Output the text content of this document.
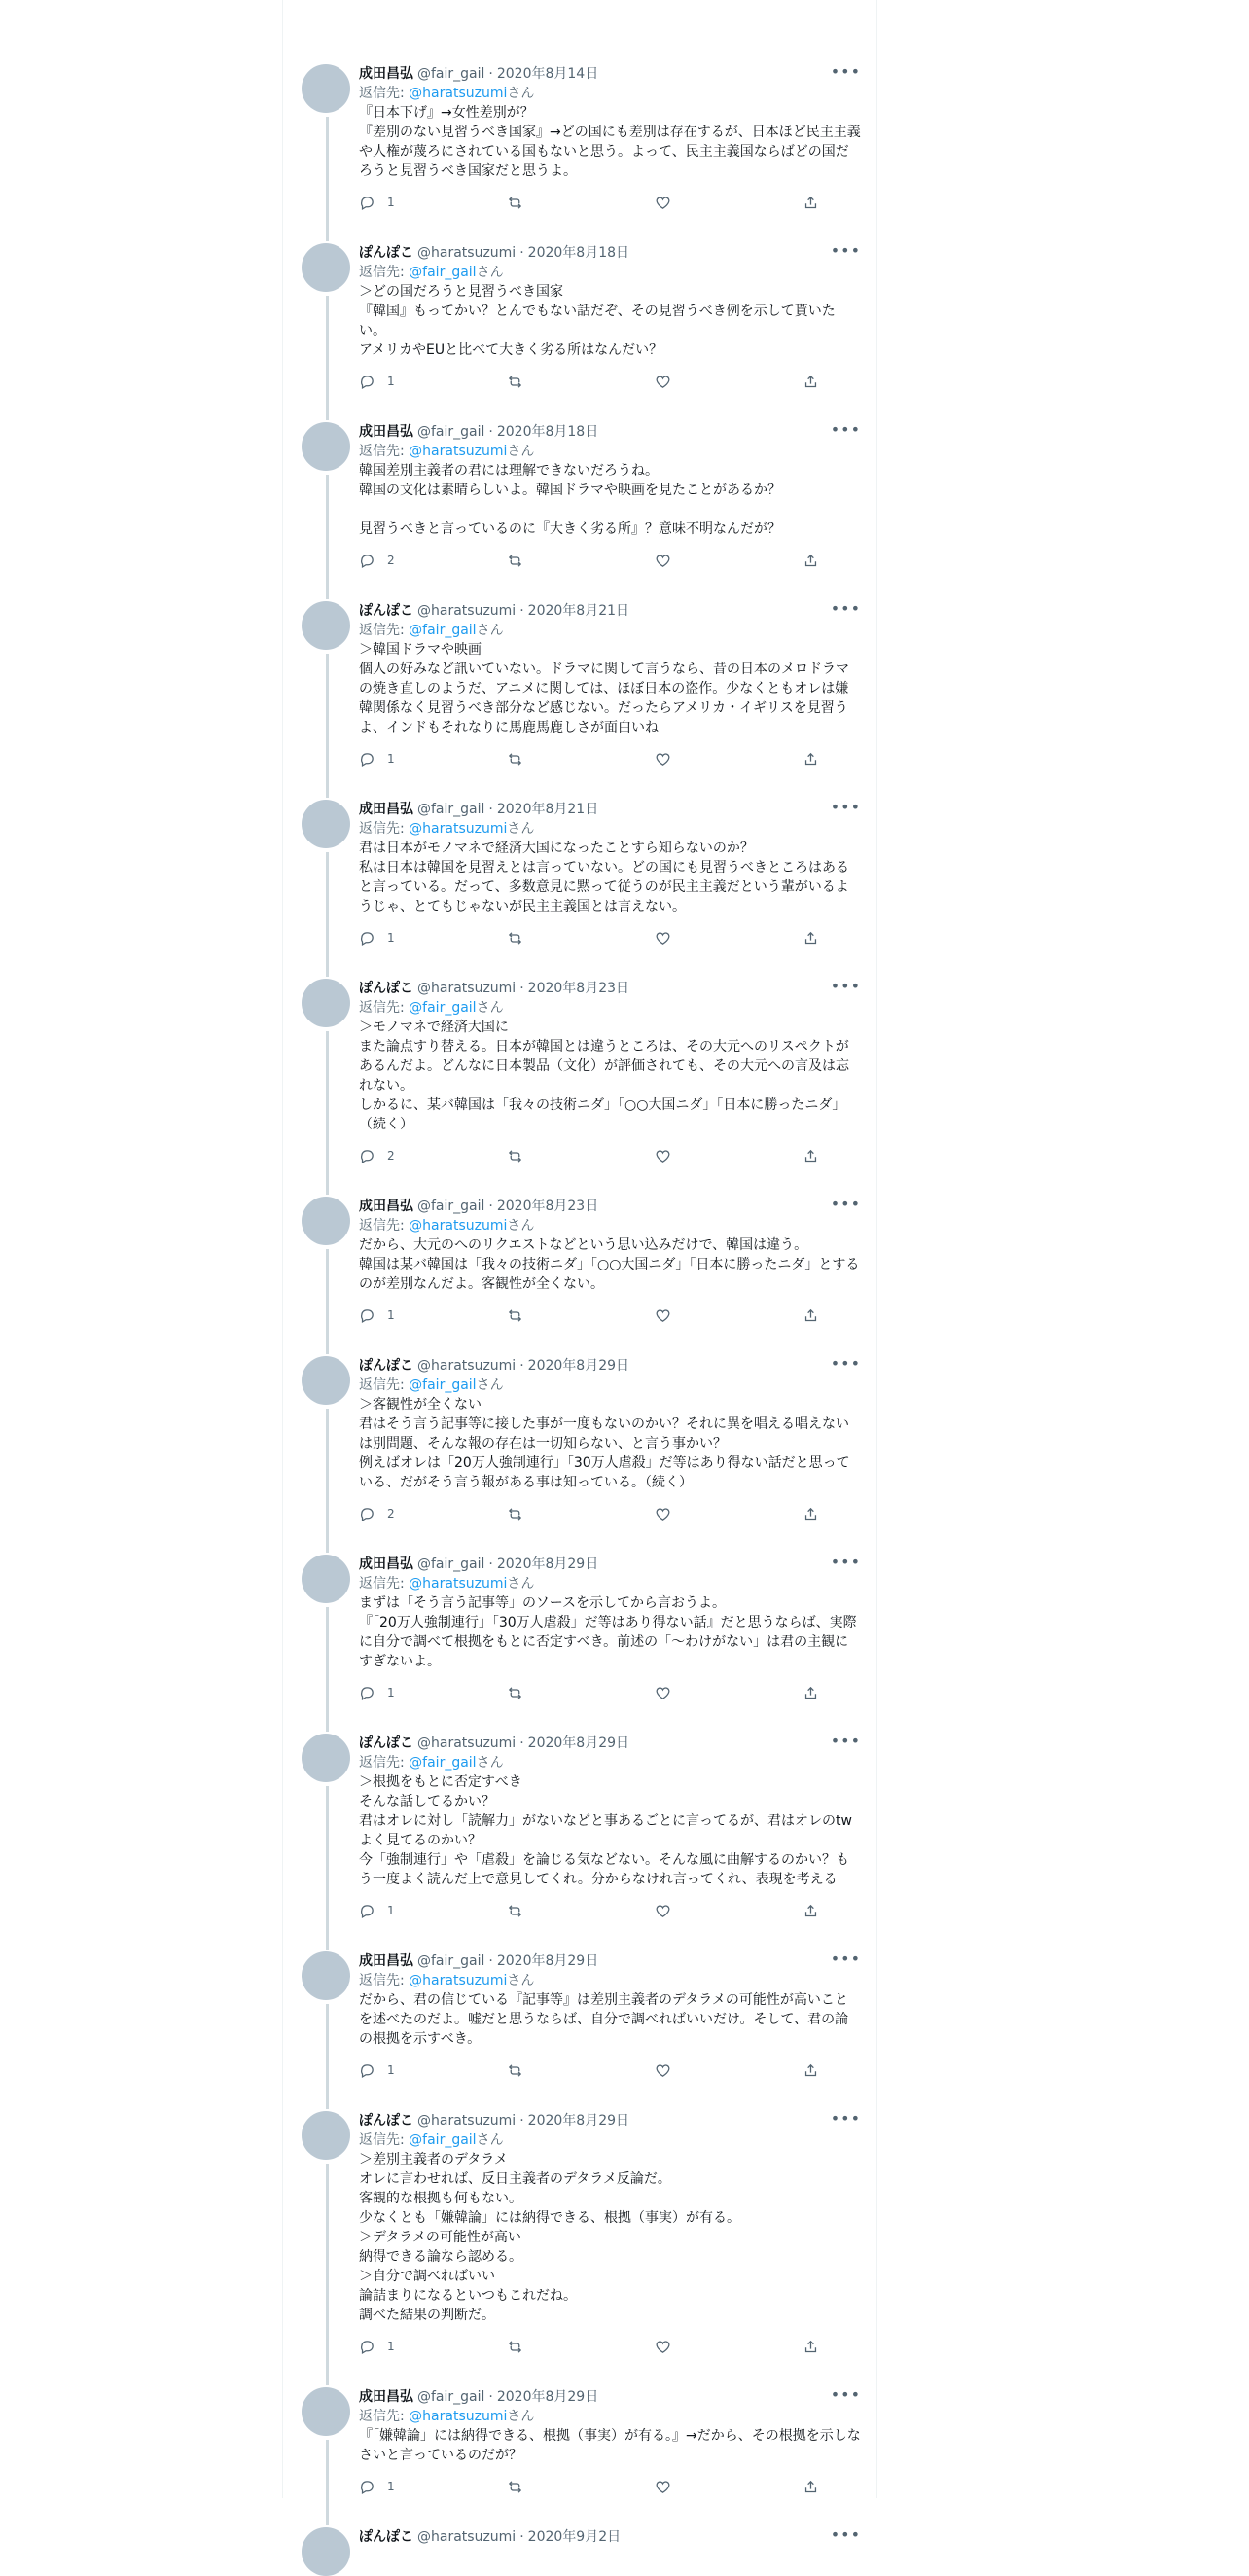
•••
成田昌弘 @fair_gail · 2020年8月14日
返信先: @haratsuzumiさん
『日本下げ』→女性差別が？
『差別のない見習うべき国家』→どの国にも差別は存在するが、日本ほど民主主義や人権が蔑ろにされている国もないと思う。よって、民主主義国ならばどの国だろうと見習うべき国家だと思うよ。
1
•••
ぽんぽこ @haratsuzumi · 2020年8月18日
返信先: @fair_gailさん
＞どの国だろうと見習うべき国家
『韓国』もってかい？とんでもない話だぞ、その見習うべき例を示して貰いたい。
アメリカやEUと比べて大きく劣る所はなんだい？
1
•••
成田昌弘 @fair_gail · 2020年8月18日
返信先: @haratsuzumiさん
韓国差別主義者の君には理解できないだろうね。
韓国の文化は素晴らしいよ。韓国ドラマや映画を見たことがあるか？

見習うべきと言っているのに『大きく劣る所』？意味不明なんだが？
2
•••
ぽんぽこ @haratsuzumi · 2020年8月21日
返信先: @fair_gailさん
＞韓国ドラマや映画
個人の好みなど訊いていない。ドラマに関して言うなら、昔の日本のメロドラマの焼き直しのようだ、アニメに関しては、ほぼ日本の盗作。少なくともオレは嫌韓関係なく見習うべき部分など感じない。だったらアメリカ・イギリスを見習うよ、インドもそれなりに馬鹿馬鹿しさが面白いね
1
•••
成田昌弘 @fair_gail · 2020年8月21日
返信先: @haratsuzumiさん
君は日本がモノマネで経済大国になったことすら知らないのか？
私は日本は韓国を見習えとは言っていない。どの国にも見習うべきところはあると言っている。だって、多数意見に黙って従うのが民主主義だという輩がいるようじゃ、とてもじゃないが民主主義国とは言えない。
1
•••
ぽんぽこ @haratsuzumi · 2020年8月23日
返信先: @fair_gailさん
＞モノマネで経済大国に
また論点すり替える。日本が韓国とは違うところは、その大元へのリスペクトがあるんだよ。どんなに日本製品（文化）が評価されても、その大元への言及は忘れない。
しかるに、某バ韓国は「我々の技術ニダ」「○○大国ニダ」「日本に勝ったニダ」（続く）
2
•••
成田昌弘 @fair_gail · 2020年8月23日
返信先: @haratsuzumiさん
だから、大元のへのリクエストなどという思い込みだけで、韓国は違う。
韓国は某バ韓国は「我々の技術ニダ」「○○大国ニダ」「日本に勝ったニダ」とするのが差別なんだよ。客観性が全くない。
1
•••
ぽんぽこ @haratsuzumi · 2020年8月29日
返信先: @fair_gailさん
＞客観性が全くない
君はそう言う記事等に接した事が一度もないのかい？それに異を唱える唱えないは別問題、そんな報の存在は一切知らない、と言う事かい？
例えばオレは「20万人強制連行」「30万人虐殺」だ等はあり得ない話だと思っている、だがそう言う報がある事は知っている。（続く）
2
•••
成田昌弘 @fair_gail · 2020年8月29日
返信先: @haratsuzumiさん
まずは「そう言う記事等」のソースを示してから言おうよ。
『「20万人強制連行」「30万人虐殺」だ等はあり得ない話』だと思うならば、実際に自分で調べて根拠をもとに否定すべき。前述の「～わけがない」は君の主観にすぎないよ。
1
•••
ぽんぽこ @haratsuzumi · 2020年8月29日
返信先: @fair_gailさん
＞根拠をもとに否定すべき
そんな話してるかい？
君はオレに対し「読解力」がないなどと事あるごとに言ってるが、君はオレのtwよく見てるのかい？
今「強制連行」や「虐殺」を論じる気などない。そんな風に曲解するのかい？もう一度よく読んだ上で意見してくれ。分からなけれ言ってくれ、表現を考える
1
•••
成田昌弘 @fair_gail · 2020年8月29日
返信先: @haratsuzumiさん
だから、君の信じている『記事等』は差別主義者のデタラメの可能性が高いことを述べたのだよ。嘘だと思うならば、自分で調べればいいだけ。そして、君の論の根拠を示すべき。
1
•••
ぽんぽこ @haratsuzumi · 2020年8月29日
返信先: @fair_gailさん
＞差別主義者のデタラメ
オレに言わせれば、反日主義者のデタラメ反論だ。
客観的な根拠も何もない。
少なくとも「嫌韓論」には納得できる、根拠（事実）が有る。
＞デタラメの可能性が高い
納得できる論なら認める。
＞自分で調べればいい
論詰まりになるといつもこれだね。
調べた結果の判断だ。
1
•••
成田昌弘 @fair_gail · 2020年8月29日
返信先: @haratsuzumiさん
『「嫌韓論」には納得できる、根拠（事実）が有る。』→だから、その根拠を示しなさいと言っているのだが？
1
•••
ぽんぽこ @haratsuzumi · 2020年9月2日
